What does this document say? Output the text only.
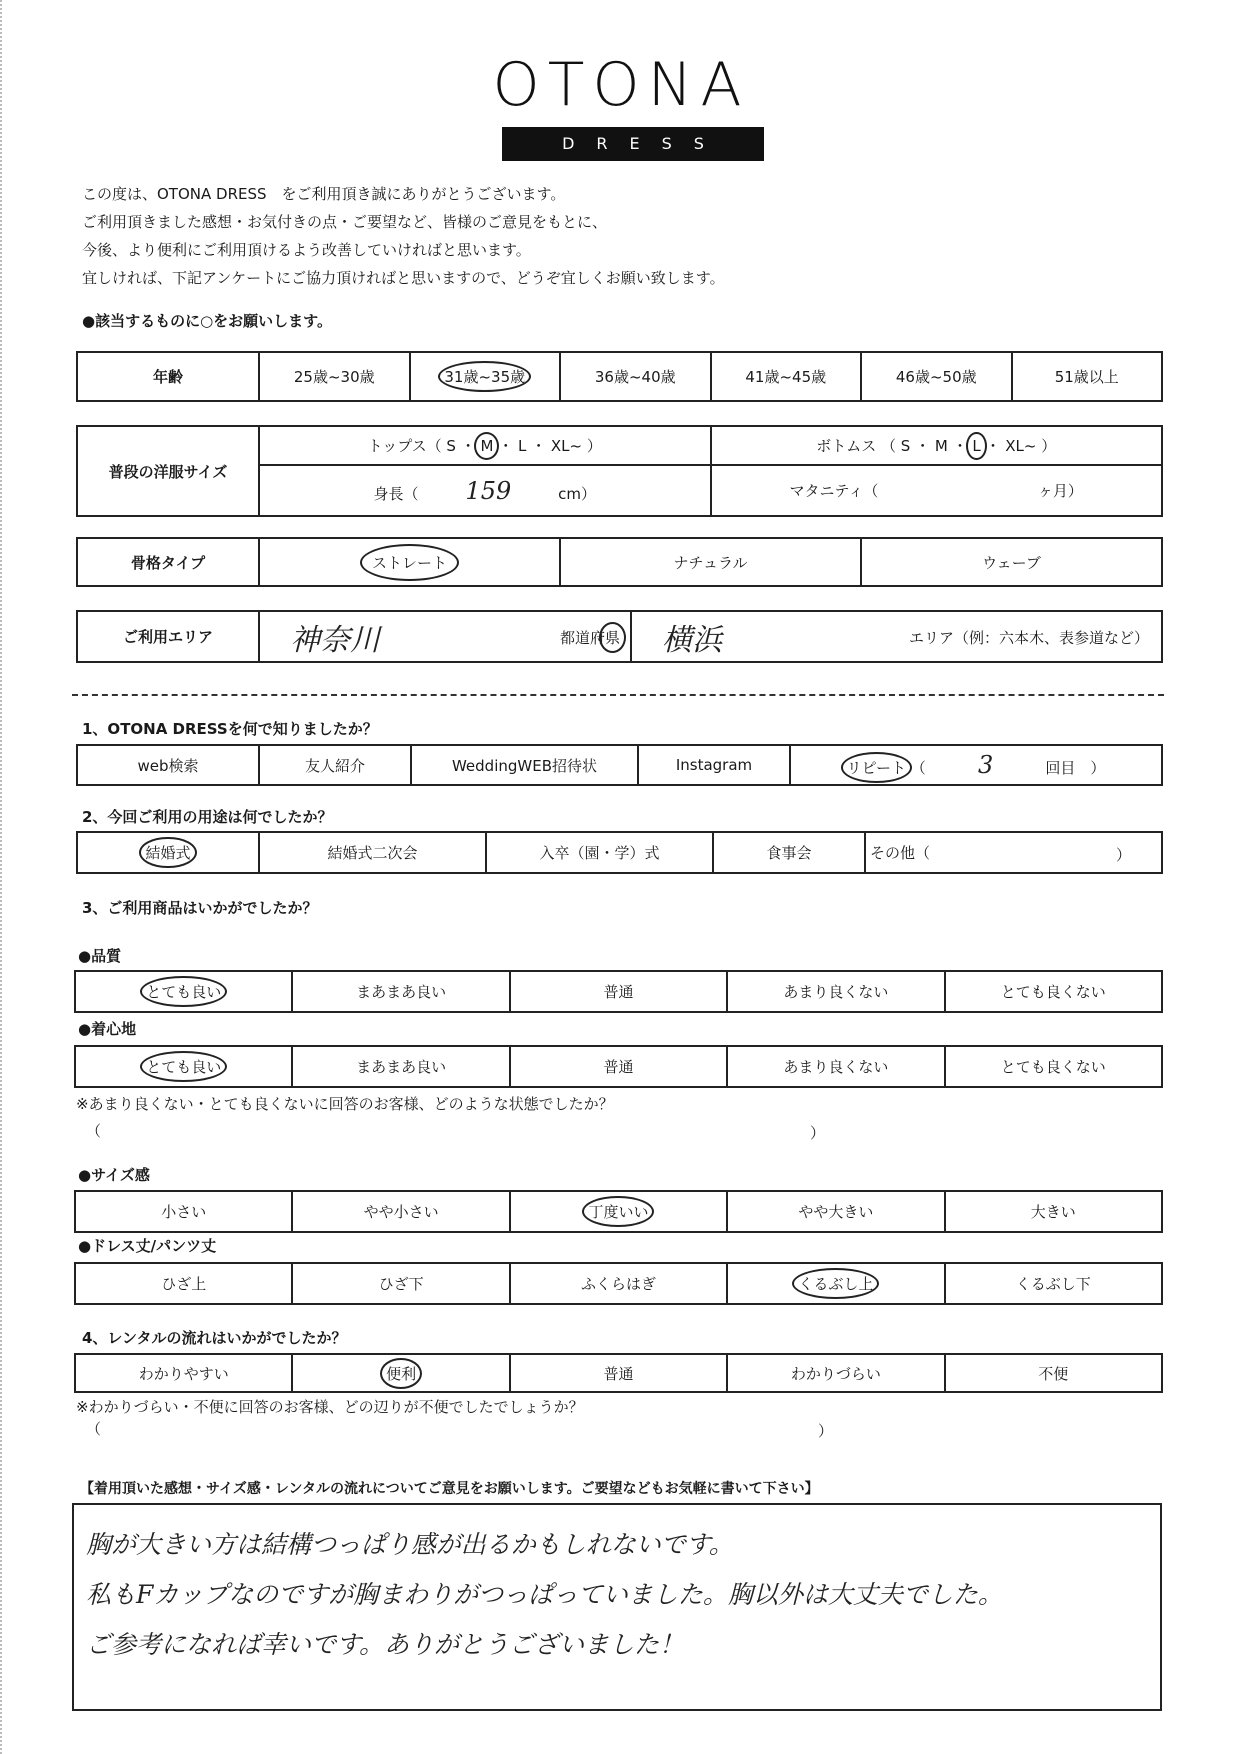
OTONA
DRESS
この度は、OTONA DRESS　をご利用頂き誠にありがとうございます。
ご利用頂きました感想・お気付きの点・ご要望など、皆様のご意見をもとに、
今後、より便利にご利用頂けるよう改善していければと思います。
宜しければ、下記アンケートにご協力頂ければと思いますので、どうぞ宜しくお願い致します。
●該当するものに○をお願いします。
年齢	25歳~30歳	31歳~35歳	36歳~40歳	41歳~45歳	46歳~50歳	51歳以上
普段の洋服サイズ	トップス（ S ・ M ・ L ・ XL~ ）	ボトムス （ S ・ M ・ L ・ XL~ ）
	身長（ 159 cm）	マタニティ（ ヶ月）
骨格タイプ	ストレート	ナチュラル	ウェーブ
ご利用エリア	神奈川	都道府県	横浜	エリア（例：六本木、表参道など）
1、OTONA DRESSを何で知りましたか？
web検索	友人紹介	WeddingWEB招待状	Instagram	リピート （ 3	回目　）
2、今回ご利用の用途は何でしたか？
結婚式	結婚式二次会	入卒（園・学）式	食事会	その他（	）
3、ご利用商品はいかがでしたか？
●品質
とても良い	まあまあ良い	普通	あまり良くない	とても良くない
●着心地
とても良い	まあまあ良い	普通	あまり良くない	とても良くない
※あまり良くない・とても良くないに回答のお客様、どのような状態でしたか？
（	）
●サイズ感
小さい	やや小さい	丁度いい	やや大きい	大きい
●ドレス丈/パンツ丈
ひざ上	ひざ下	ふくらはぎ	くるぶし上	くるぶし下
4、レンタルの流れはいかがでしたか？
わかりやすい	便利	普通	わかりづらい	不便
※わかりづらい・不便に回答のお客様、どの辺りが不便でしたでしょうか？
（	）
【着用頂いた感想・サイズ感・レンタルの流れについてご意見をお願いします。ご要望などもお気軽に書いて下さい】
胸が大きい方は結構つっぱり感が出るかもしれないです。
私もFカップなのですが胸まわりがつっぱっていました。胸以外は大丈夫でした。
ご参考になれば幸いです。ありがとうございました！
